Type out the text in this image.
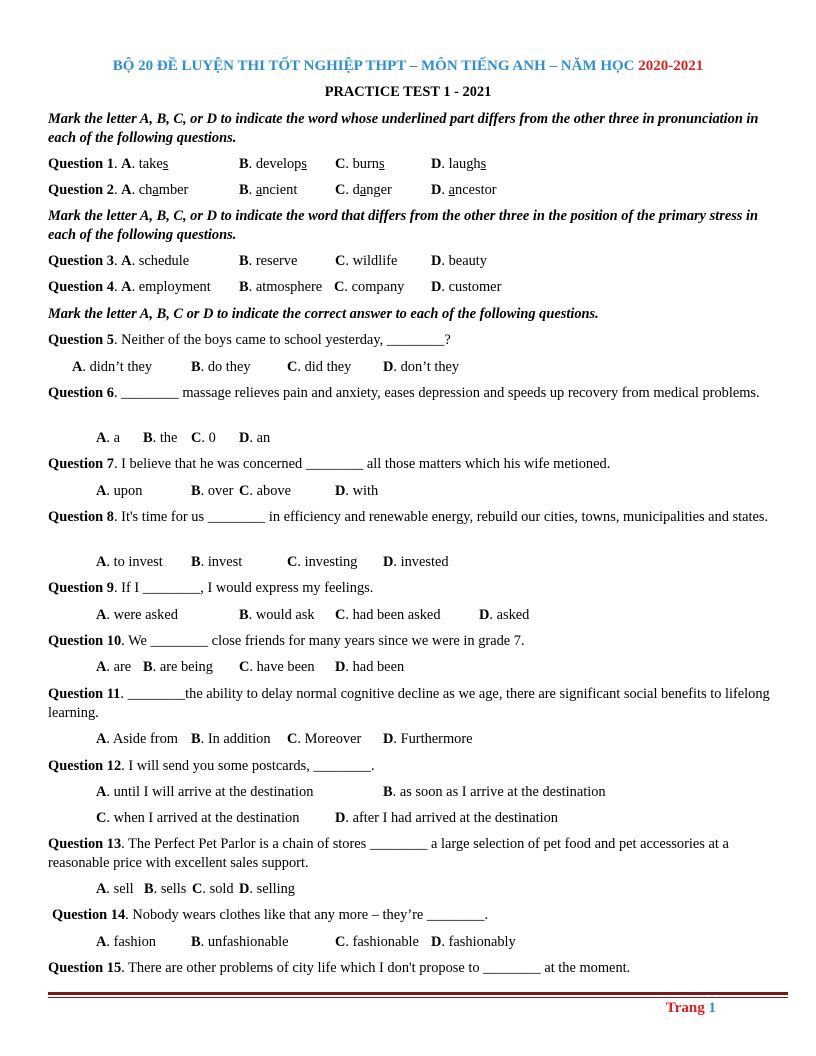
BỘ 20 ĐỀ LUYỆN THI TỐT NGHIỆP THPT – MÔN TIẾNG ANH – NĂM HỌC 2020-2021
PRACTICE TEST 1 - 2021
Mark the letter A, B, C, or D to indicate the word whose underlined part differs from the other three in pronunciation in each of the following questions.
Question 1. A. takes	B. develops C. burns	D. laughs
Question 2. A. chamber	B. ancient	C. danger	D. ancestor
Mark the letter A, B, C, or D to indicate the word that differs from the other three in the position of the primary stress in each of the following questions.
Question 3. A. schedule	B. reserve	C. wildlife D. beauty
Question 4. A. employment B. atmosphere C. company D. customer
Mark the letter A, B, C or D to indicate the correct answer to each of the following questions.
Question 5. Neither of the boys came to school yesterday, ________?
A. didn’t they	B. do they	C. did they D. don’t they
Question 6. ________ massage relieves pain and anxiety, eases depression and speeds up recovery from medical problems.
A. a B. the C. 0 D. an
Question 7. I believe that he was concerned ________ all those matters which his wife metioned.
A. upon	B. over C. above	D. with
Question 8. It's time for us ________ in efficiency and renewable energy, rebuild our cities, towns, municipalities and states.
A. to invest B. invest	C. investing D. invested
Question 9. If I ________, I would express my feelings.
A. were asked	B. would ask C. had been asked	D. asked
Question 10. We ________ close friends for many years since we were in grade 7.
A. are B. are being C. have been D. had been
Question 11. ________the ability to delay normal cognitive decline as we age, there are significant social benefits to lifelong learning.
A. Aside from B. In addition C. Moreover D. Furthermore
Question 12. I will send you some postcards, ________.
A. until I will arrive at the destination	B. as soon as I arrive at the destination
C. when I arrived at the destination D. after I had arrived at the destination
Question 13. The Perfect Pet Parlor is a chain of stores ________ a large selection of pet food and pet accessories at a reasonable price with excellent sales support.
A. sell B. sells C. sold D. selling
Question 14. Nobody wears clothes like that any more – they’re ________.
A. fashion B. unfashionable	C. fashionable D. fashionably
Question 15. There are other problems of city life which I don't propose to ________ at the moment.
Trang 1
